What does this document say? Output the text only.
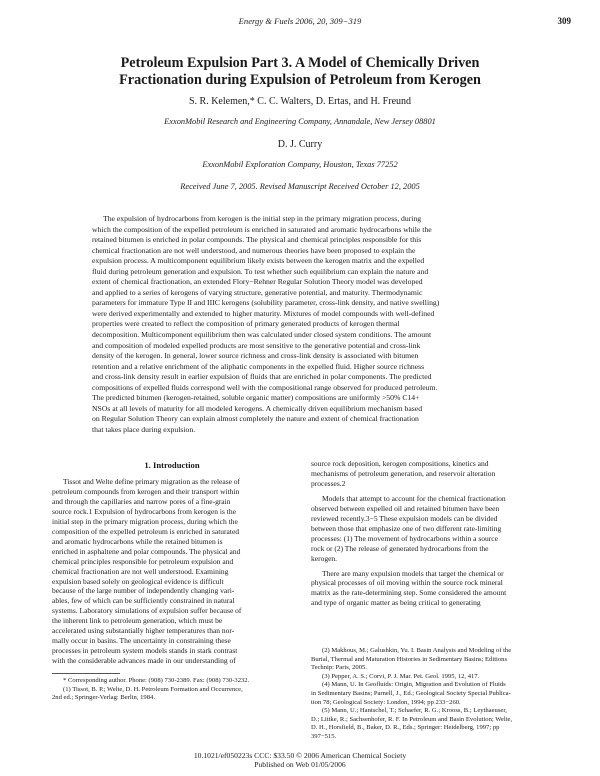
Energy & Fuels 2006, 20, 309−319	309
Petroleum Expulsion Part 3. A Model of Chemically Driven
Fractionation during Expulsion of Petroleum from Kerogen
S. R. Kelemen,* C. C. Walters, D. Ertas, and H. Freund
ExxonMobil Research and Engineering Company, Annandale, New Jersey 08801
D. J. Curry
ExxonMobil Exploration Company, Houston, Texas 77252
Received June 7, 2005. Revised Manuscript Received October 12, 2005
The expulsion of hydrocarbons from kerogen is the initial step in the primary migration process, during
which the composition of the expelled petroleum is enriched in saturated and aromatic hydrocarbons while the
retained bitumen is enriched in polar compounds. The physical and chemical principles responsible for this
chemical fractionation are not well understood, and numerous theories have been proposed to explain the
expulsion process. A multicomponent equilibrium likely exists between the kerogen matrix and the expelled
fluid during petroleum generation and expulsion. To test whether such equilibrium can explain the nature and
extent of chemical fractionation, an extended Flory−Rehner Regular Solution Theory model was developed
and applied to a series of kerogens of varying structure, generative potential, and maturity. Thermodynamic
parameters for immature Type II and IIIC kerogens (solubility parameter, cross-link density, and native swelling)
were derived experimentally and extended to higher maturity. Mixtures of model compounds with well-defined
properties were created to reflect the composition of primary generated products of kerogen thermal
decomposition. Multicomponent equilibrium then was calculated under closed system conditions. The amount
and composition of modeled expelled products are most sensitive to the generative potential and cross-link
density of the kerogen. In general, lower source richness and cross-link density is associated with bitumen
retention and a relative enrichment of the aliphatic components in the expelled fluid. Higher source richness
and cross-link density result in earlier expulsion of fluids that are enriched in polar components. The predicted
compositions of expelled fluids correspond well with the compositional range observed for produced petroleum.
The predicted bitumen (kerogen-retained, soluble organic matter) compositions are uniformly >50% C14+
NSOs at all levels of maturity for all modeled kerogens. A chemically driven equilibrium mechanism based
on Regular Solution Theory can explain almost completely the nature and extent of chemical fractionation
that takes place during expulsion.
1. Introduction
Tissot and Welte define primary migration as the release of
petroleum compounds from kerogen and their transport within
and through the capillaries and narrow pores of a fine-grain
source rock.1 Expulsion of hydrocarbons from kerogen is the
initial step in the primary migration process, during which the
composition of the expelled petroleum is enriched in saturated
and aromatic hydrocarbons while the retained bitumen is
enriched in asphaltene and polar compounds. The physical and
chemical principles responsible for petroleum expulsion and
chemical fractionation are not well understood. Examining
expulsion based solely on geological evidence is difficult
because of the large number of independently changing vari-
ables, few of which can be sufficiently constrained in natural
systems. Laboratory simulations of expulsion suffer because of
the inherent link to petroleum generation, which must be
accelerated using substantially higher temperatures than nor-
mally occur in basins. The uncertainty in constraining these
processes in petroleum system models stands in stark contrast
with the considerable advances made in our understanding of
* Corresponding author. Phone: (908) 730-2389. Fax: (908) 730-3232.
(1) Tissot, B. P.; Welte, D. H. Petroleum Formation and Occurrence,
2nd ed.; Springer-Verlag: Berlin, 1984.
source rock deposition, kerogen compositions, kinetics and
mechanisms of petroleum generation, and reservoir alteration
processes.2
Models that attempt to account for the chemical fractionation
observed between expelled oil and retained bitumen have been
reviewed recently.3−5 These expulsion models can be divided
between those that emphasize one of two different rate-limiting
processes: (1) The movement of hydrocarbons within a source
rock or (2) The release of generated hydrocarbons from the
kerogen.
There are many expulsion models that target the chemical or
physical processes of oil moving within the source rock mineral
matrix as the rate-determining step. Some considered the amount
and type of organic matter as being critical to generating
(2) Makhous, M.; Galushkin, Yu. I. Basin Analysis and Modeling of the
Burial, Thermal and Maturation Histories in Sedimentary Basins; Editions
Technip: Paris, 2005.
(3) Pepper, A. S.; Corvi, P. J. Mar. Pet. Geol. 1995, 12, 417.
(4) Mann, U. In Geofluids: Origin, Migration and Evolution of Fluids
in Sedimentary Basins; Parnell, J., Ed.; Geological Society Special Publica-
tion 78; Geological Society: London, 1994; pp 233−260.
(5) Mann, U.; Hantschel, T.; Schaefer, R. G.; Krooss, B.; Leythaeuser,
D.; Littke, R.; Sachsenhofer, R. F. In Petroleum and Basin Evolution; Welte,
D. H., Horsfield, B., Baker, D. R., Eds.; Springer: Heidelberg, 1997; pp
397−515.
10.1021/ef050223s CCC: $33.50 © 2006 American Chemical Society
Published on Web 01/05/2006
